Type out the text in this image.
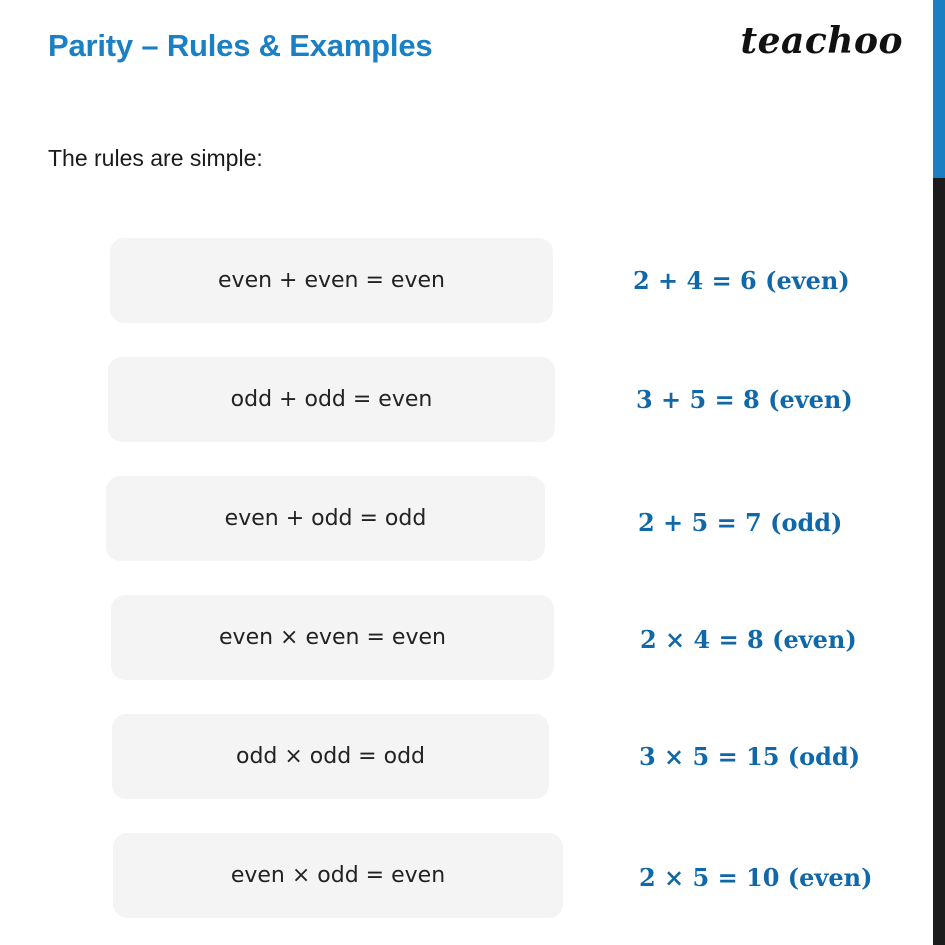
Parity – Rules & Examples	teachoo
The rules are simple:
even + even = even	2 + 4 = 6 (even)
odd + odd = even	3 + 5 = 8 (even)
even + odd = odd	2 + 5 = 7 (odd)
even × even = even	2 × 4 = 8 (even)
odd × odd = odd	3 × 5 = 15 (odd)
even × odd = even	2 × 5 = 10 (even)
